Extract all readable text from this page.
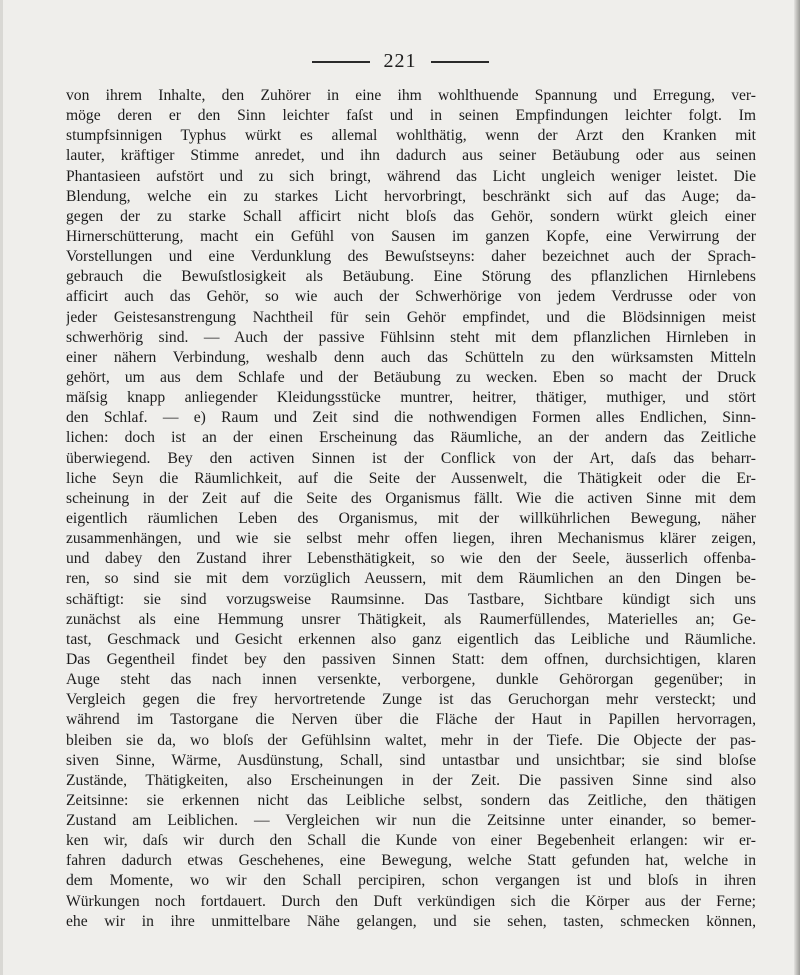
221
von ihrem Inhalte, den Zuhörer in eine ihm wohlthuende Spannung und Erregung, ver-
möge deren er den Sinn leichter faſst und in seinen Empfindungen leichter folgt. Im
stumpfsinnigen Typhus würkt es allemal wohlthätig, wenn der Arzt den Kranken mit
lauter, kräftiger Stimme anredet, und ihn dadurch aus seiner Betäubung oder aus seinen
Phantasieen aufstört und zu sich bringt, während das Licht ungleich weniger leistet. Die
Blendung, welche ein zu starkes Licht hervorbringt, beschränkt sich auf das Auge; da-
gegen der zu starke Schall afficirt nicht bloſs das Gehör, sondern würkt gleich einer
Hirnerschütterung, macht ein Gefühl von Sausen im ganzen Kopfe, eine Verwirrung der
Vorstellungen und eine Verdunklung des Bewuſstseyns: daher bezeichnet auch der Sprach-
gebrauch die Bewuſstlosigkeit als Betäubung. Eine Störung des pflanzlichen Hirnlebens
afficirt auch das Gehör, so wie auch der Schwerhörige von jedem Verdrusse oder von
jeder Geistesanstrengung Nachtheil für sein Gehör empfindet, und die Blödsinnigen meist
schwerhörig sind. — Auch der passive Fühlsinn steht mit dem pflanzlichen Hirnleben in
einer nähern Verbindung, weshalb denn auch das Schütteln zu den würksamsten Mitteln
gehört, um aus dem Schlafe und der Betäubung zu wecken. Eben so macht der Druck
mäſsig knapp anliegender Kleidungsstücke muntrer, heitrer, thätiger, muthiger, und stört
den Schlaf. — e) Raum und Zeit sind die nothwendigen Formen alles Endlichen, Sinn-
lichen: doch ist an der einen Erscheinung das Räumliche, an der andern das Zeitliche
überwiegend. Bey den activen Sinnen ist der Conflick von der Art, daſs das beharr-
liche Seyn die Räumlichkeit, auf die Seite der Aussenwelt, die Thätigkeit oder die Er-
scheinung in der Zeit auf die Seite des Organismus fällt. Wie die activen Sinne mit dem
eigentlich räumlichen Leben des Organismus, mit der willkührlichen Bewegung, näher
zusammenhängen, und wie sie selbst mehr offen liegen, ihren Mechanismus klärer zeigen,
und dabey den Zustand ihrer Lebensthätigkeit, so wie den der Seele, äusserlich offenba-
ren, so sind sie mit dem vorzüglich Aeussern, mit dem Räumlichen an den Dingen be-
schäftigt: sie sind vorzugsweise Raumsinne. Das Tastbare, Sichtbare kündigt sich uns
zunächst als eine Hemmung unsrer Thätigkeit, als Raumerfüllendes, Materielles an; Ge-
tast, Geschmack und Gesicht erkennen also ganz eigentlich das Leibliche und Räumliche.
Das Gegentheil findet bey den passiven Sinnen Statt: dem offnen, durchsichtigen, klaren
Auge steht das nach innen versenkte, verborgene, dunkle Gehörorgan gegenüber; in
Vergleich gegen die frey hervortretende Zunge ist das Geruchorgan mehr versteckt; und
während im Tastorgane die Nerven über die Fläche der Haut in Papillen hervorragen,
bleiben sie da, wo bloſs der Gefühlsinn waltet, mehr in der Tiefe. Die Objecte der pas-
siven Sinne, Wärme, Ausdünstung, Schall, sind untastbar und unsichtbar; sie sind bloſse
Zustände, Thätigkeiten, also Erscheinungen in der Zeit. Die passiven Sinne sind also
Zeitsinne: sie erkennen nicht das Leibliche selbst, sondern das Zeitliche, den thätigen
Zustand am Leiblichen. — Vergleichen wir nun die Zeitsinne unter einander, so bemer-
ken wir, daſs wir durch den Schall die Kunde von einer Begebenheit erlangen: wir er-
fahren dadurch etwas Geschehenes, eine Bewegung, welche Statt gefunden hat, welche in
dem Momente, wo wir den Schall percipiren, schon vergangen ist und bloſs in ihren
Würkungen noch fortdauert. Durch den Duft verkündigen sich die Körper aus der Ferne;
ehe wir in ihre unmittelbare Nähe gelangen, und sie sehen, tasten, schmecken können,
